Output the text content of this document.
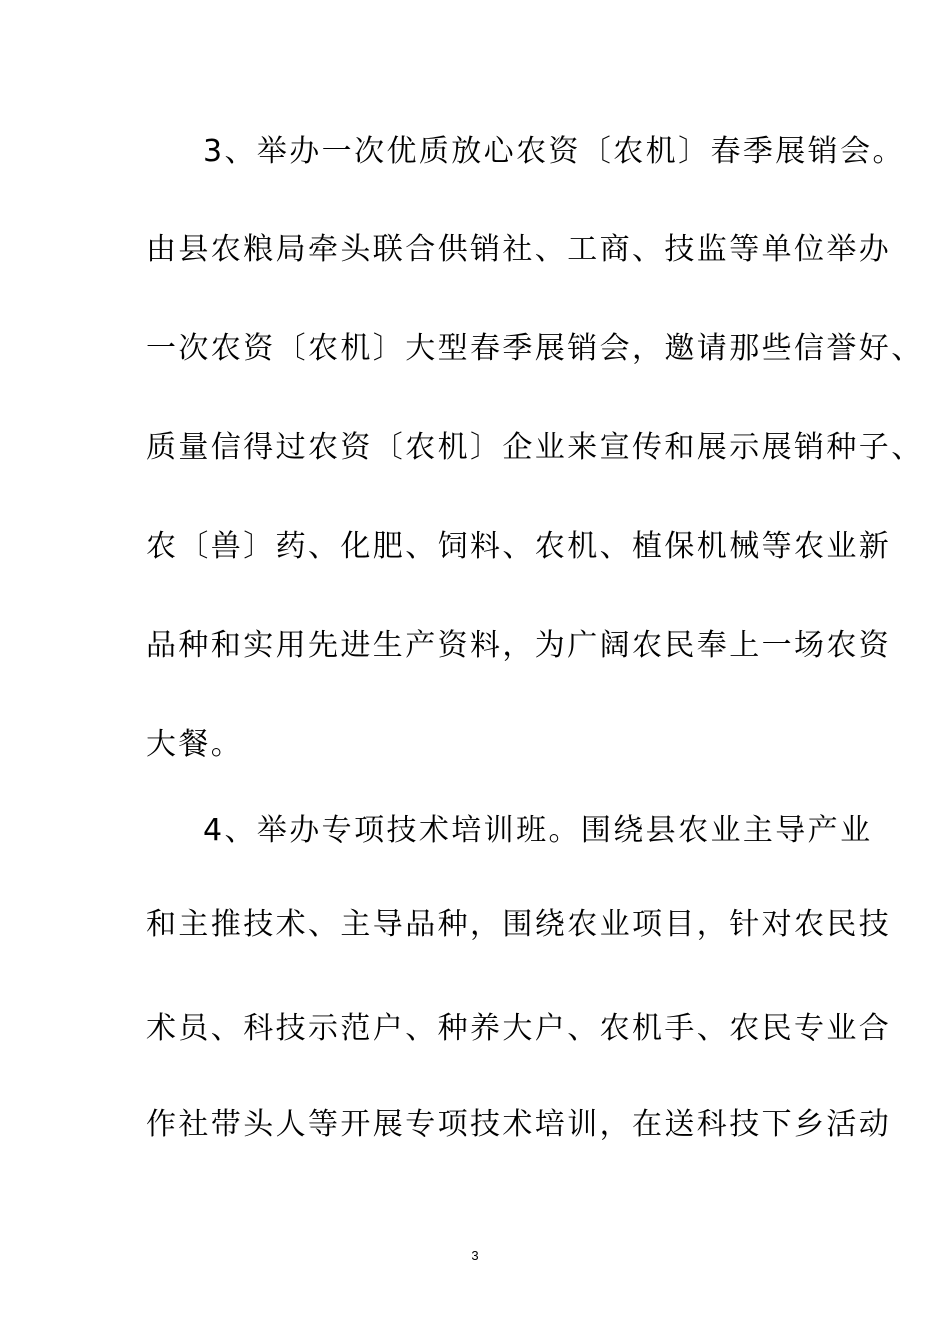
3、举办一次优质放心农资〔农机〕春季展销会。
由县农粮局牵头联合供销社、工商、技监等单位举办
一次农资〔农机〕大型春季展销会，邀请那些信誉好、
质量信得过农资〔农机〕企业来宣传和展示展销种子、
农〔兽〕药、化肥、饲料、农机、植保机械等农业新
品种和实用先进生产资料，为广阔农民奉上一场农资
大餐。
4、举办专项技术培训班。围绕县农业主导产业
和主推技术、主导品种，围绕农业项目，针对农民技
术员、科技示范户、种养大户、农机手、农民专业合
作社带头人等开展专项技术培训，在送科技下乡活动
3
